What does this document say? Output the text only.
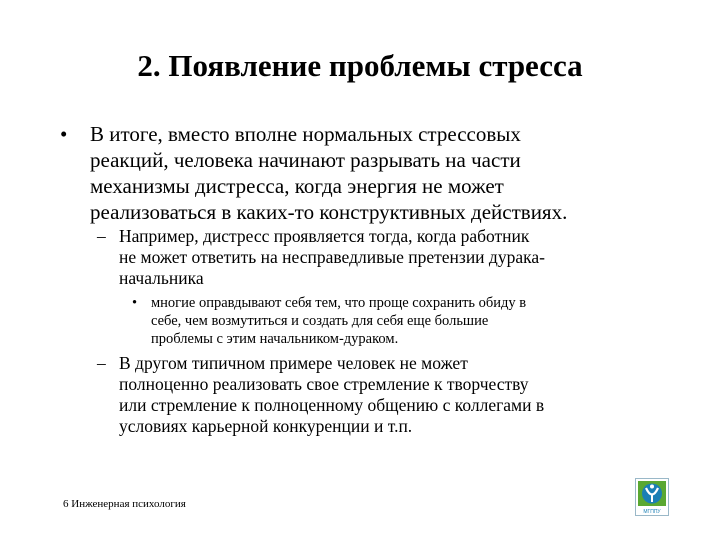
2. Появление проблемы стресса
• В итоге, вместо вполне нормальных стрессовых
реакций, человека начинают разрывать на части
механизмы дистресса, когда энергия не может
реализоваться в каких-то конструктивных действиях.
– Например, дистресс проявляется тогда, когда работник
не может ответить на несправедливые претензии дурака-
начальника
• многие оправдывают себя тем, что проще сохранить обиду в
себе, чем возмутиться и создать для себя еще большие
проблемы с этим начальником-дураком.
– В другом типичном примере человек не может
полноценно реализовать свое стремление к творчеству
или стремление к полноценному общению с коллегами в
условиях карьерной конкуренции и т.п.
6 Инженерная психология
МГППУ
